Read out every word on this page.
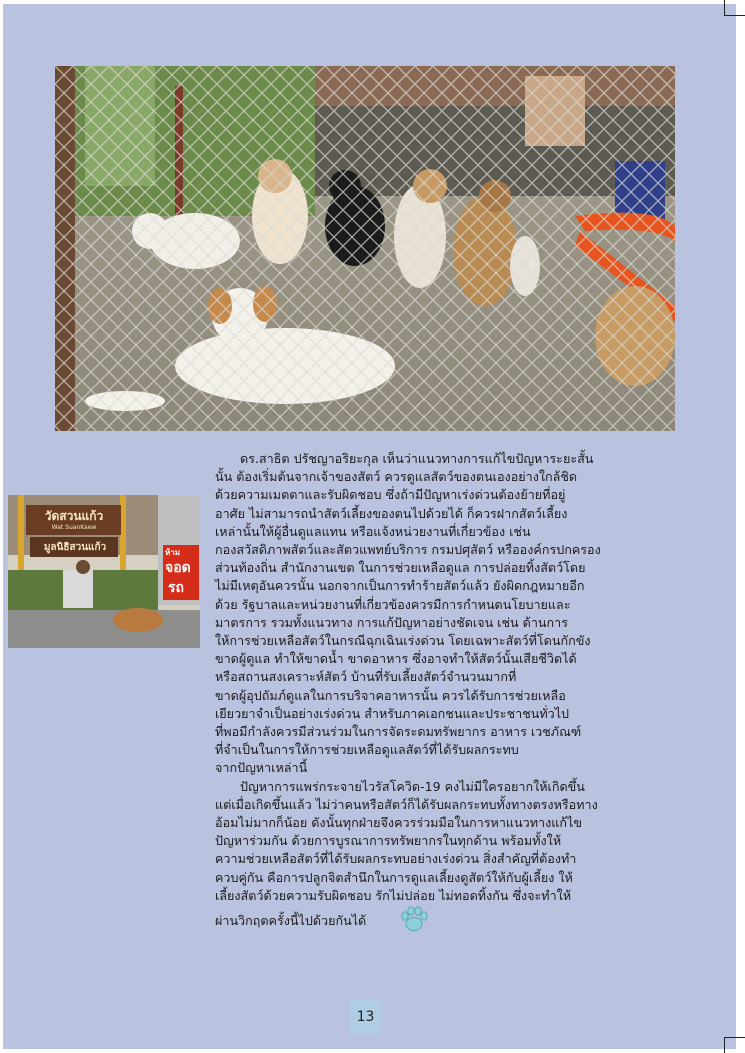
วัดสวนแก้ว
Wat SuanKaew
มูลนิธิสวนแก้ว	ห้าม
จอด
รถ

ดร.สาธิต ปรัชญาอริยะกุล เห็นว่าแนวทางการแก้ไขปัญหาระยะสั้น
นั้น ต้องเริ่มต้นจากเจ้าของสัตว์ ควรดูแลสัตว์ของตนเองอย่างใกล้ชิด
ด้วยความเมตตาและรับผิดชอบ ซึ่งถ้ามีปัญหาเร่งด่วนต้องย้ายที่อยู่
อาศัย ไม่สามารถนำสัตว์เลี้ยงของตนไปด้วยได้ ก็ควรฝากสัตว์เลี้ยง
เหล่านั้นให้ผู้อื่นดูแลแทน หรือแจ้งหน่วยงานที่เกี่ยวข้อง เช่น
กองสวัสดิภาพสัตว์และสัตวแพทย์บริการ กรมปศุสัตว์ หรือองค์กรปกครอง
ส่วนท้องถิ่น สำนักงานเขต ในการช่วยเหลือดูแล การปล่อยทิ้งสัตว์โดย
ไม่มีเหตุอันควรนั้น นอกจากเป็นการทำร้ายสัตว์แล้ว ยังผิดกฎหมายอีก
ด้วย รัฐบาลและหน่วยงานที่เกี่ยวข้องควรมีการกำหนดนโยบายและ
มาตรการ รวมทั้งแนวทาง การแก้ปัญหาอย่างชัดเจน เช่น ด้านการ
ให้การช่วยเหลือสัตว์ในกรณีฉุกเฉินเร่งด่วน โดยเฉพาะสัตว์ที่โดนกักขัง
ขาดผู้ดูแล ทำให้ขาดน้ำ ขาดอาหาร ซึ่งอาจทำให้สัตว์นั้นเสียชีวิตได้
หรือสถานสงเคราะห์สัตว์ บ้านที่รับเลี้ยงสัตว์จำนวนมากที่
ขาดผู้อุปถัมภ์ดูแลในการบริจาคอาหารนั้น ควรได้รับการช่วยเหลือ
เยียวยาจำเป็นอย่างเร่งด่วน สำหรับภาคเอกชนและประชาชนทั่วไป
ที่พอมีกำลังควรมีส่วนร่วมในการจัดระดมทรัพยากร อาหาร เวชภัณฑ์
ที่จำเป็นในการให้การช่วยเหลือดูแลสัตว์ที่ได้รับผลกระทบ
จากปัญหาเหล่านี้

ปัญหาการแพร่กระจายไวรัสโควิด-19 คงไม่มีใครอยากให้เกิดขึ้น
แต่เมื่อเกิดขึ้นแล้ว ไม่ว่าคนหรือสัตว์ก็ได้รับผลกระทบทั้งทางตรงหรือทาง
อ้อมไม่มากก็น้อย ดังนั้นทุกฝ่ายจึงควรร่วมมือในการหาแนวทางแก้ไข
ปัญหาร่วมกัน ด้วยการบูรณาการทรัพยากรในทุกด้าน พร้อมทั้งให้
ความช่วยเหลือสัตว์ที่ได้รับผลกระทบอย่างเร่งด่วน สิ่งสำคัญที่ต้องทำ
ควบคู่กัน คือการปลูกจิตสำนึกในการดูแลเลี้ยงดูสัตว์ให้กับผู้เลี้ยง ให้
เลี้ยงสัตว์ด้วยความรับผิดชอบ รักไม่ปล่อย ไม่ทอดทิ้งกัน ซึ่งจะทำให้
ผ่านวิกฤตครั้งนี้ไปด้วยกันได้

13
